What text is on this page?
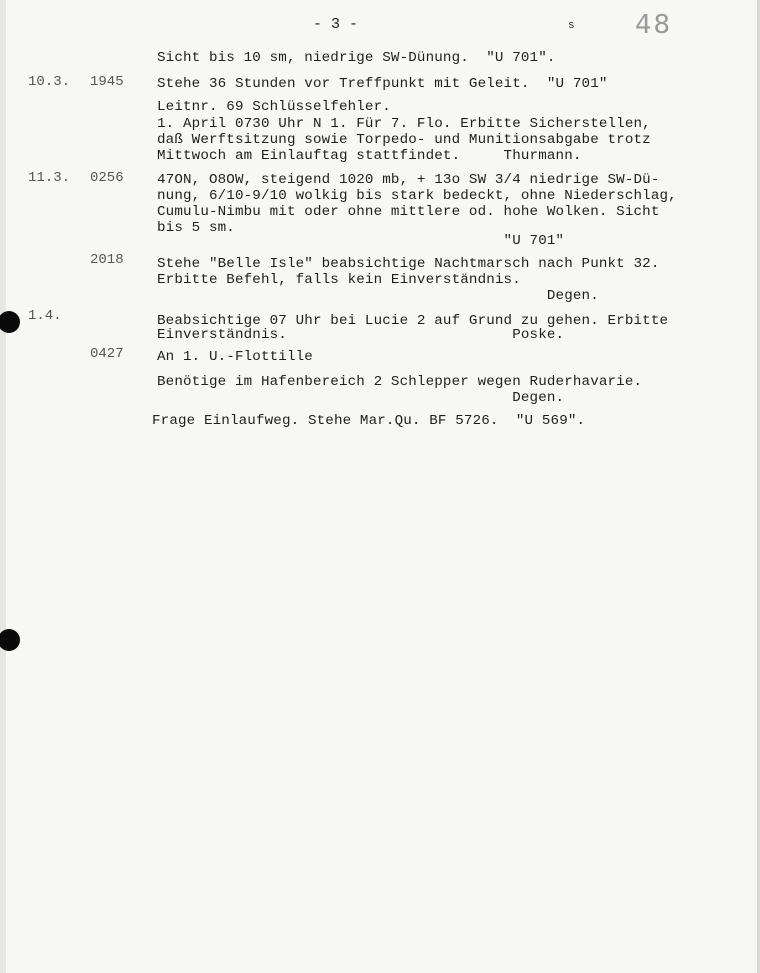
- 3 -	s 48
Sicht bis 10 sm, niedrige SW-Dünung.  "U 701".
10.3. 1945 Stehe 36 Stunden vor Treffpunkt mit Geleit.  "U 701"
Leitnr. 69 Schlüsselfehler.
1. April 0730 Uhr N 1. Für 7. Flo. Erbitte Sicherstellen,
daß Werftsitzung sowie Torpedo- und Munitionsabgabe trotz
Mittwoch am Einlauftag stattfindet.     Thurmann.
11.3. 0256 47ON, O8OW, steigend 1020 mb, + 13o SW 3/4 niedrige SW-Dü-
nung, 6/10-9/10 wolkig bis stark bedeckt, ohne Niederschlag,
Cumulu-Nimbu mit oder ohne mittlere od. hohe Wolken. Sicht
bis 5 sm.
"U 701"
2018 Stehe "Belle Isle" beabsichtige Nachtmarsch nach Punkt 32.
Erbitte Befehl, falls kein Einverständnis.
Degen.
1.4.	Beabsichtige 07 Uhr bei Lucie 2 auf Grund zu gehen. Erbitte
Einverständnis.                          Poske.
0427 An 1. U.-Flottille
Benötige im Hafenbereich 2 Schlepper wegen Ruderhavarie.
Degen.
Frage Einlaufweg. Stehe Mar.Qu. BF 5726.  "U 569".
